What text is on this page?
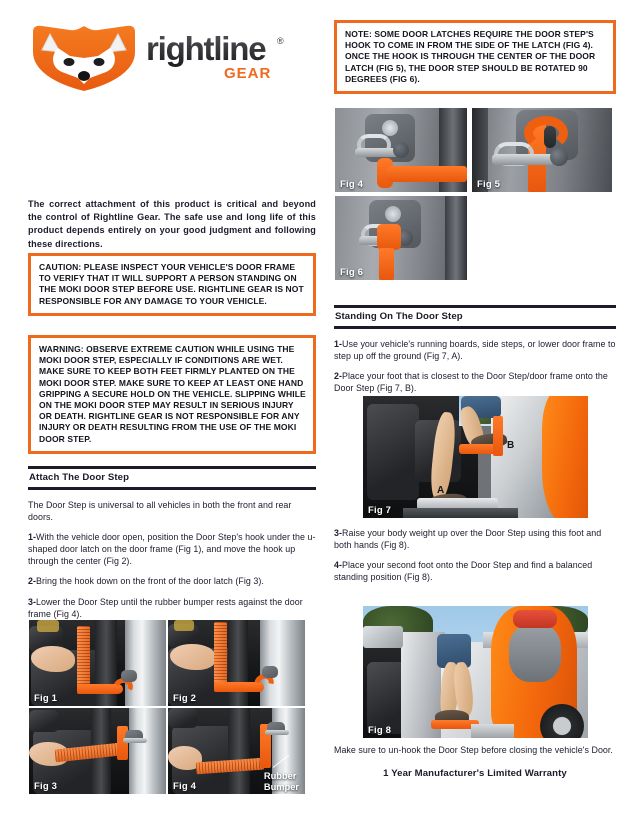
rightline ®
GEAR

The correct attachment of this product is critical and beyond the control of Rightline Gear. The safe use and long life of this product depends entirely on your good judgment and following these directions.

CAUTION: PLEASE INSPECT YOUR VEHICLE'S DOOR FRAME TO VERIFY THAT IT WILL SUPPORT A PERSON STANDING ON THE MOKI DOOR STEP BEFORE USE. RIGHTLINE GEAR IS NOT RESPONSIBLE FOR ANY DAMAGE TO YOUR VEHICLE.

WARNING: OBSERVE EXTREME CAUTION WHILE USING THE MOKI DOOR STEP, ESPECIALLY IF CONDITIONS ARE WET. MAKE SURE TO KEEP BOTH FEET FIRMLY PLANTED ON THE MOKI DOOR STEP. MAKE SURE TO KEEP AT LEAST ONE HAND GRIPPING A SECURE HOLD ON THE VEHICLE. SLIPPING WHILE ON THE MOKI DOOR STEP MAY RESULT IN SERIOUS INJURY OR DEATH. RIGHTLINE GEAR IS NOT RESPONSIBLE FOR ANY INJURY OR DEATH RESULTING FROM THE USE OF THE MOKI DOOR STEP.

NOTE: SOME DOOR LATCHES REQUIRE THE DOOR STEP'S HOOK TO COME IN FROM THE SIDE OF THE LATCH (FIG 4). ONCE THE HOOK IS THROUGH THE CENTER OF THE DOOR LATCH (FIG 5), THE DOOR STEP SHOULD BE ROTATED 90 DEGREES (FIG 6).

Attach The Door Step

The Door Step is universal to all vehicles in both the front and rear doors.

1-With the vehicle door open, position the Door Step's hook under the u-shaped door latch on the door frame (Fig 1), and move the hook up through the center (Fig 2).

2-Bring the hook down on the front of the door latch (Fig 3).

3-Lower the Door Step until the rubber bumper rests against the door frame (Fig 4).

Standing On The Door Step

1-Use your vehicle's running boards, side steps, or lower door frame to step up off the ground (Fig 7, A).

2-Place your foot that is closest to the Door Step/door frame onto the Door Step (Fig 7, B).

3-Raise your body weight up over the Door Step using this foot and both hands (Fig 8).

4-Place your second foot onto the Door Step and find a balanced standing position (Fig 8).

Make sure to un-hook the Door Step before closing the vehicle's Door.

1 Year Manufacturer's Limited Warranty

Fig 1	Fig 2
Fig 3	Fig 4
Rubber
Bumper
Fig 4	Fig 5
Fig 6
A
B
Fig 7
Fig 8
